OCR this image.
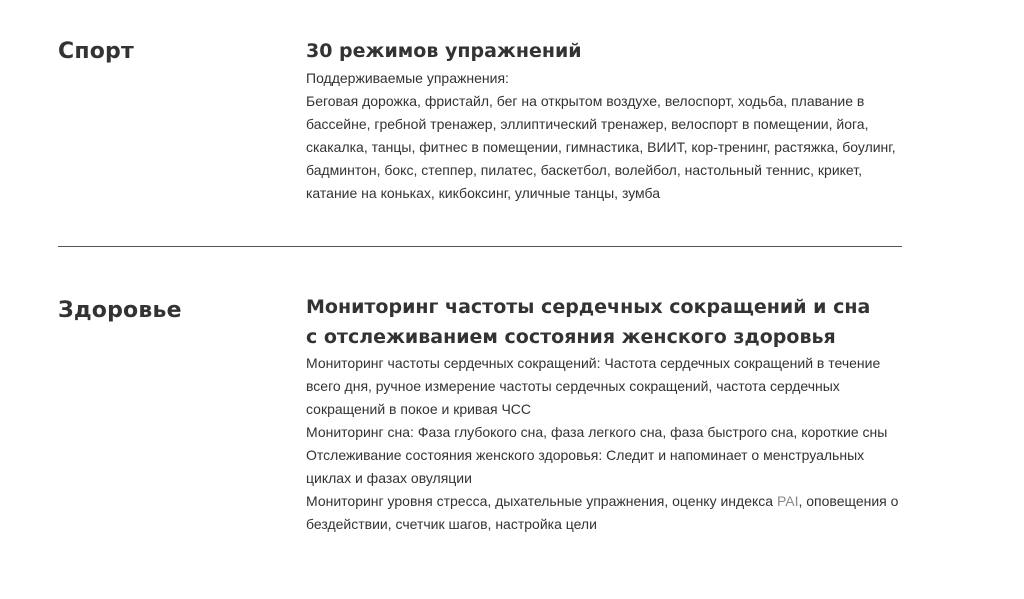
Спорт	30 режимов упражнений

Поддерживаемые упражнения:

Беговая дорожка, фристайл, бег на открытом воздухе, велоспорт, ходьба, плавание в бассейне, гребной тренажер, эллиптический тренажер, велоспорт в помещении, йога, скакалка, танцы, фитнес в помещении, гимнастика, ВИИТ, кор-тренинг, растяжка, боулинг, бадминтон, бокс, степпер, пилатес, баскетбол, волейбол, настольный теннис, крикет, катание на коньках, кикбоксинг, уличные танцы, зумба

Здоровье	Мониторинг частоты сердечных сокращений и сна
с отслеживанием состояния женского здоровья

Мониторинг частоты сердечных сокращений: Частота сердечных сокращений в течение всего дня, ручное измерение частоты сердечных сокращений, частота сердечных сокращений в покое и кривая ЧСС

Мониторинг сна: Фаза глубокого сна, фаза легкого сна, фаза быстрого сна, короткие сны

Отслеживание состояния женского здоровья: Следит и напоминает о менструальных циклах и фазах овуляции

Мониторинг уровня стресса, дыхательные упражнения, оценку индекса PAI, оповещения о бездействии, счетчик шагов, настройка цели
